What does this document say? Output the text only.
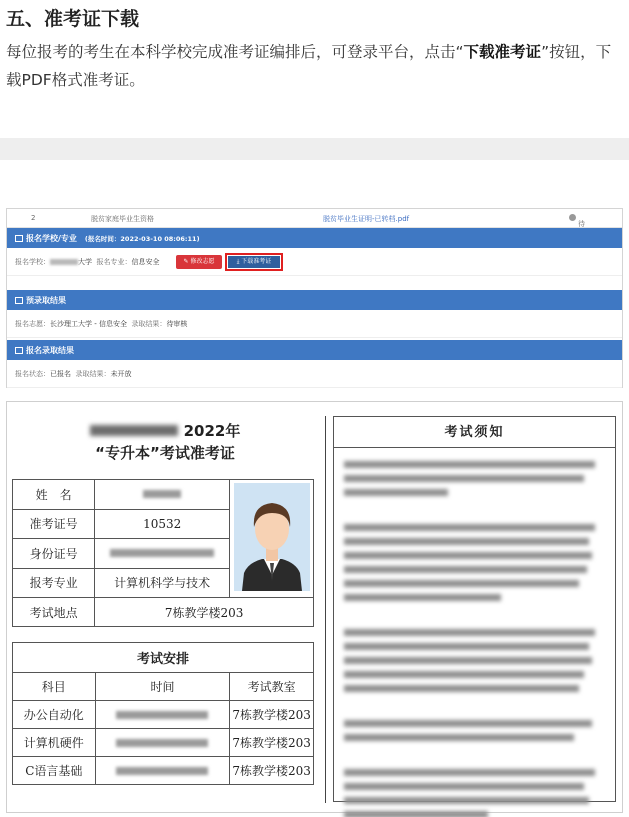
五、准考证下载
每位报考的考生在本科学校完成准考证编排后，可登录平台，点击“下载准考证”按钮，下载PDF格式准考证。
2	脱贫家庭毕业生资格	脱贫毕业生证明-已转档.pdf
待
报名学校/专业 (报名时间：2022-03-10 08:06:11)
报名学校：	大学 报名专业：信息安全	✎ 修改志愿	⤓ 下载准考证
预录取结果
报名志愿：长沙理工大学 - 信息安全 录取结果：待审核
报名录取结果
报名状态：已报名 录取结果：未开放
2022年
“专升本”考试准考证
姓　名		
准考证号	10532	
身份证号		
报考专业	计算机科学与技术	
考试地点	7栋教学楼203	
考试安排		
科目	时间	考试教室
办公自动化		7栋教学楼203
计算机硬件		7栋教学楼203
C语言基础		7栋教学楼203
考试须知
